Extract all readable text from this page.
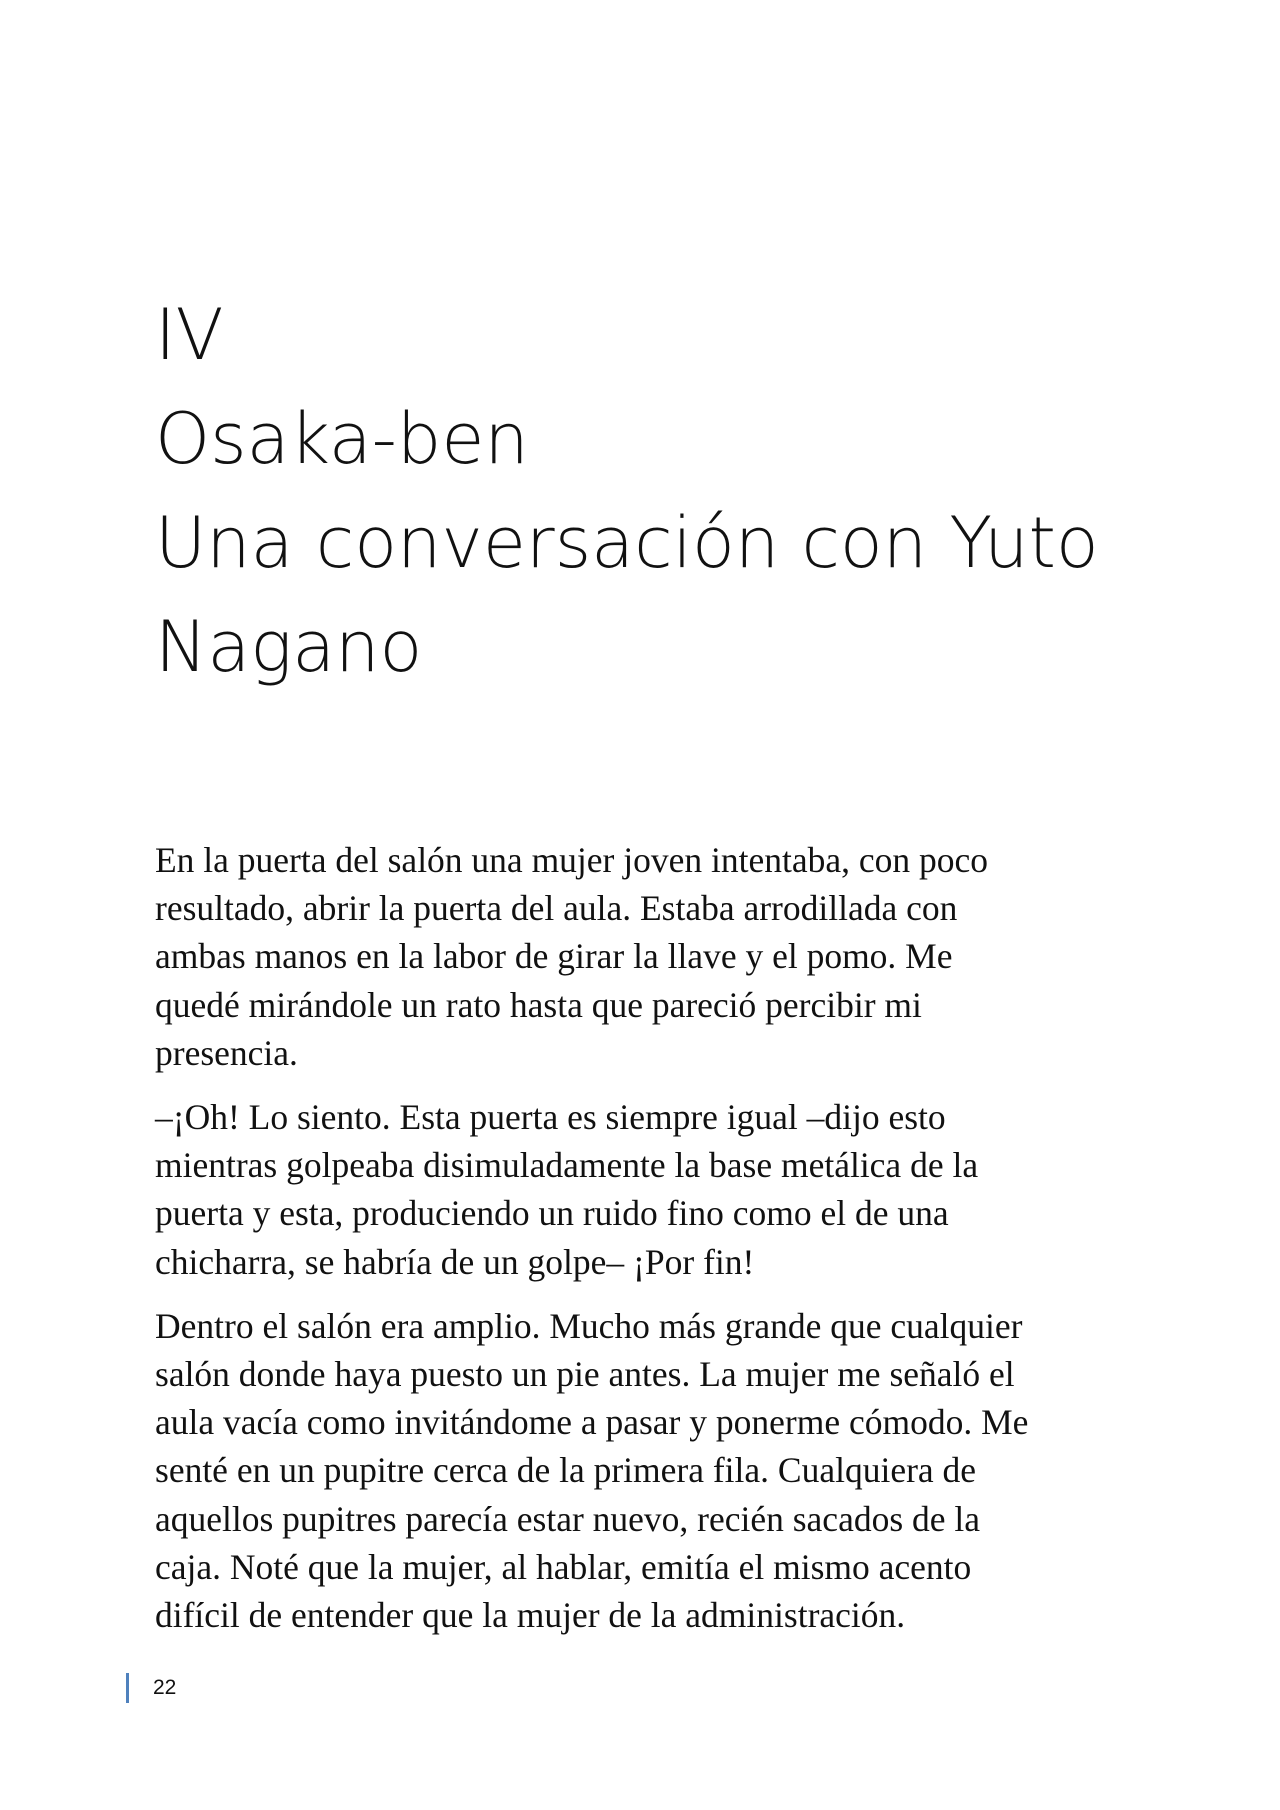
IV
Osaka-ben
Una conversación con Yuto
Nagano

En la puerta del salón una mujer joven intentaba, con poco
resultado, abrir la puerta del aula. Estaba arrodillada con
ambas manos en la labor de girar la llave y el pomo. Me
quedé mirándole un rato hasta que pareció percibir mi
presencia.

–¡Oh! Lo siento. Esta puerta es siempre igual –dijo esto
mientras golpeaba disimuladamente la base metálica de la
puerta y esta, produciendo un ruido fino como el de una
chicharra, se habría de un golpe– ¡Por fin!

Dentro el salón era amplio. Mucho más grande que cualquier
salón donde haya puesto un pie antes. La mujer me señaló el
aula vacía como invitándome a pasar y ponerme cómodo. Me
senté en un pupitre cerca de la primera fila. Cualquiera de
aquellos pupitres parecía estar nuevo, recién sacados de la
caja. Noté que la mujer, al hablar, emitía el mismo acento
difícil de entender que la mujer de la administración.

22
